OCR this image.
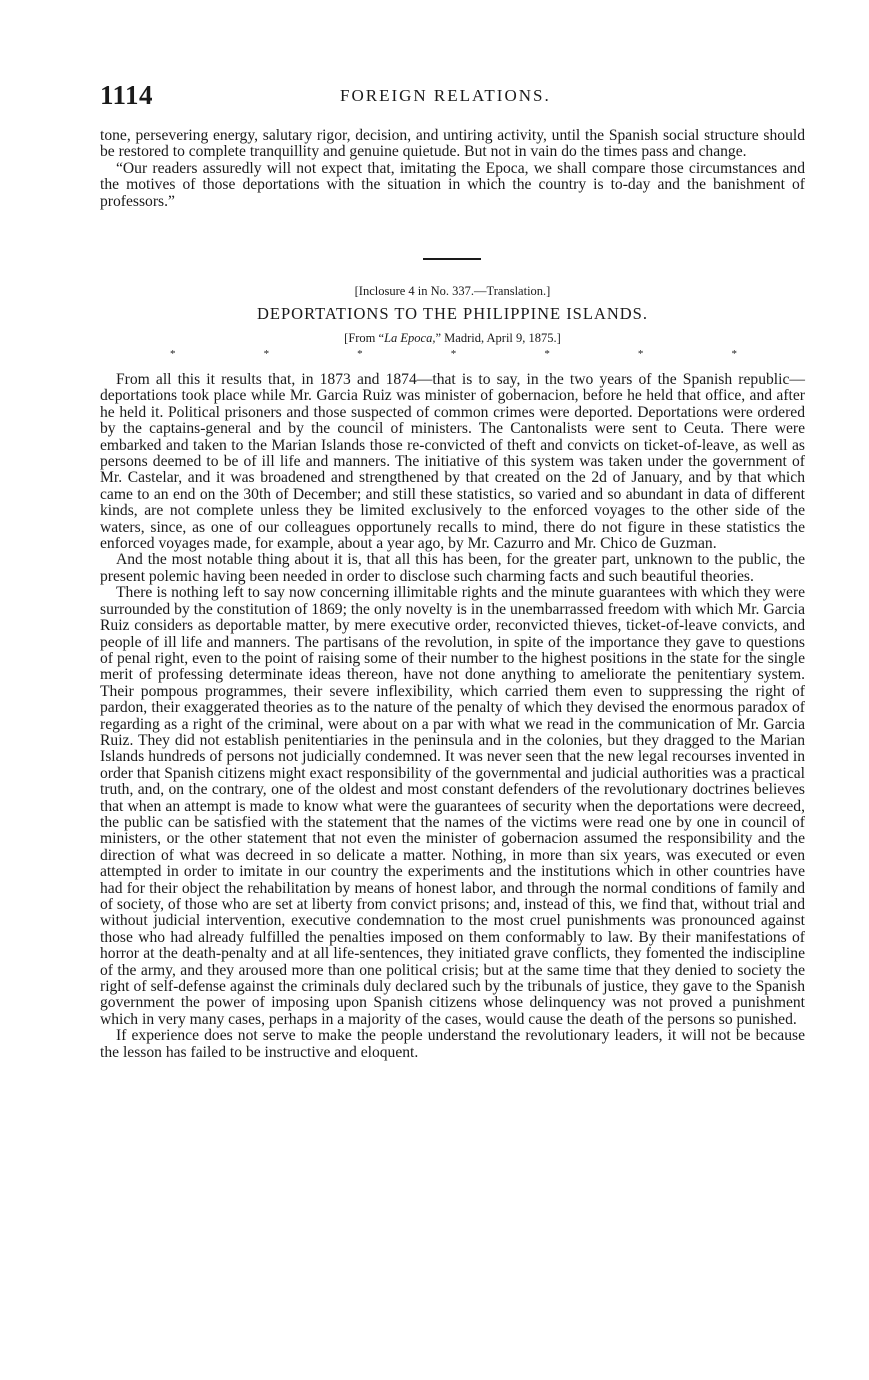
1114	FOREIGN RELATIONS.

tone, persevering energy, salutary rigor, decision, and untiring activity, until the Spanish social structure should be restored to complete tranquillity and genuine quietude. But not in vain do the times pass and change.

“Our readers assuredly will not expect that, imitating the Epoca, we shall compare those circumstances and the motives of those deportations with the situation in which the country is to-day and the banishment of professors.”

[Inclosure 4 in No. 337.—Translation.]
DEPORTATIONS TO THE PHILIPPINE ISLANDS.
[From “La Epoca,” Madrid, April 9, 1875.]
*	*	*	*	*	*	*

From all this it results that, in 1873 and 1874—that is to say, in the two years of the Spanish republic—deportations took place while Mr. Garcia Ruiz was minister of gobernacion, before he held that office, and after he held it. Political prisoners and those suspected of common crimes were deported. Deportations were ordered by the captains-general and by the council of ministers. The Cantonalists were sent to Ceuta. There were embarked and taken to the Marian Islands those re-convicted of theft and convicts on ticket-of-leave, as well as persons deemed to be of ill life and manners. The initiative of this system was taken under the government of Mr. Castelar, and it was broadened and strengthened by that created on the 2d of January, and by that which came to an end on the 30th of December; and still these statistics, so varied and so abundant in data of different kinds, are not complete unless they be limited exclusively to the enforced voyages to the other side of the waters, since, as one of our colleagues opportunely recalls to mind, there do not figure in these statistics the enforced voyages made, for example, about a year ago, by Mr. Cazurro and Mr. Chico de Guzman.

And the most notable thing about it is, that all this has been, for the greater part, unknown to the public, the present polemic having been needed in order to disclose such charming facts and such beautiful theories.

There is nothing left to say now concerning illimitable rights and the minute guarantees with which they were surrounded by the constitution of 1869; the only novelty is in the unembarrassed freedom with which Mr. Garcia Ruiz considers as deportable matter, by mere executive order, reconvicted thieves, ticket-of-leave convicts, and people of ill life and manners. The partisans of the revolution, in spite of the importance they gave to questions of penal right, even to the point of raising some of their number to the highest positions in the state for the single merit of professing determinate ideas thereon, have not done anything to ameliorate the penitentiary system. Their pompous programmes, their severe inflexibility, which carried them even to suppressing the right of pardon, their exaggerated theories as to the nature of the penalty of which they devised the enormous paradox of regarding as a right of the criminal, were about on a par with what we read in the communication of Mr. Garcia Ruiz. They did not establish penitentiaries in the peninsula and in the colonies, but they dragged to the Marian Islands hundreds of persons not judicially condemned. It was never seen that the new legal recourses invented in order that Spanish citizens might exact responsibility of the governmental and judicial authorities was a practical truth, and, on the contrary, one of the oldest and most constant defenders of the revolutionary doctrines believes that when an attempt is made to know what were the guarantees of security when the deportations were decreed, the public can be satisfied with the statement that the names of the victims were read one by one in council of ministers, or the other statement that not even the minister of gobernacion assumed the responsibility and the direction of what was decreed in so delicate a matter. Nothing, in more than six years, was executed or even attempted in order to imitate in our country the experiments and the institutions which in other countries have had for their object the rehabilitation by means of honest labor, and through the normal conditions of family and of society, of those who are set at liberty from convict prisons; and, instead of this, we find that, without trial and without judicial intervention, executive condemnation to the most cruel punishments was pronounced against those who had already fulfilled the penalties imposed on them conformably to law. By their manifestations of horror at the death-penalty and at all life-sentences, they initiated grave conflicts, they fomented the indiscipline of the army, and they aroused more than one political crisis; but at the same time that they denied to society the right of self-defense against the criminals duly declared such by the tribunals of justice, they gave to the Spanish government the power of imposing upon Spanish citizens whose delinquency was not proved a punishment which in very many cases, perhaps in a majority of the cases, would cause the death of the persons so punished.

If experience does not serve to make the people understand the revolutionary leaders, it will not be because the lesson has failed to be instructive and eloquent.
